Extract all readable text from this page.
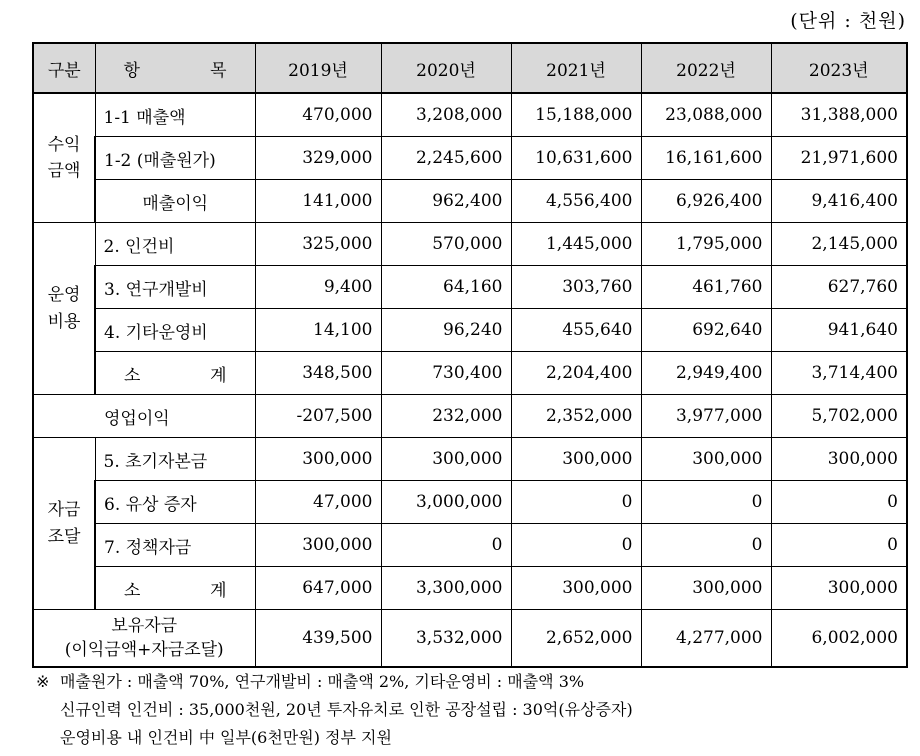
(단위 : 천원)
구분	항 목	2019년	2020년	2021년	2022년	2023년
수익
금액	1-1 매출액	470,000	3,208,000	15,188,000	23,088,000	31,388,000
	1-2 (매출원가)	329,000	2,245,600	10,631,600	16,161,600	21,971,600
	매출이익	141,000	962,400	4,556,400	6,926,400	9,416,400
운영
비용	2. 인건비	325,000	570,000	1,445,000	1,795,000	2,145,000
	3. 연구개발비	9,400	64,160	303,760	461,760	627,760
	4. 기타운영비	14,100	96,240	455,640	692,640	941,640

	소 계	348,500	730,400	2,204,400	2,949,400	3,714,400
영업이익		-207,500	232,000	2,352,000	3,977,000	5,702,000
자금
조달	5. 초기자본금	300,000	300,000	300,000	300,000	300,000
	6. 유상 증자	47,000	3,000,000	0	0	0
	7. 정책자금	300,000	0	0	0	0

	소 계	647,000	3,300,000	300,000	300,000	300,000

보유자금
(이익금액+자금조달)		439,500	3,532,000	2,652,000	4,277,000	6,002,000
※ 매출원가 : 매출액 70%, 연구개발비 : 매출액 2%, 기타운영비 : 매출액 3%
신규인력 인건비 : 35,000천원, 20년 투자유치로 인한 공장설립 : 30억(유상증자)
운영비용 내 인건비 中 일부(6천만원) 정부 지원
